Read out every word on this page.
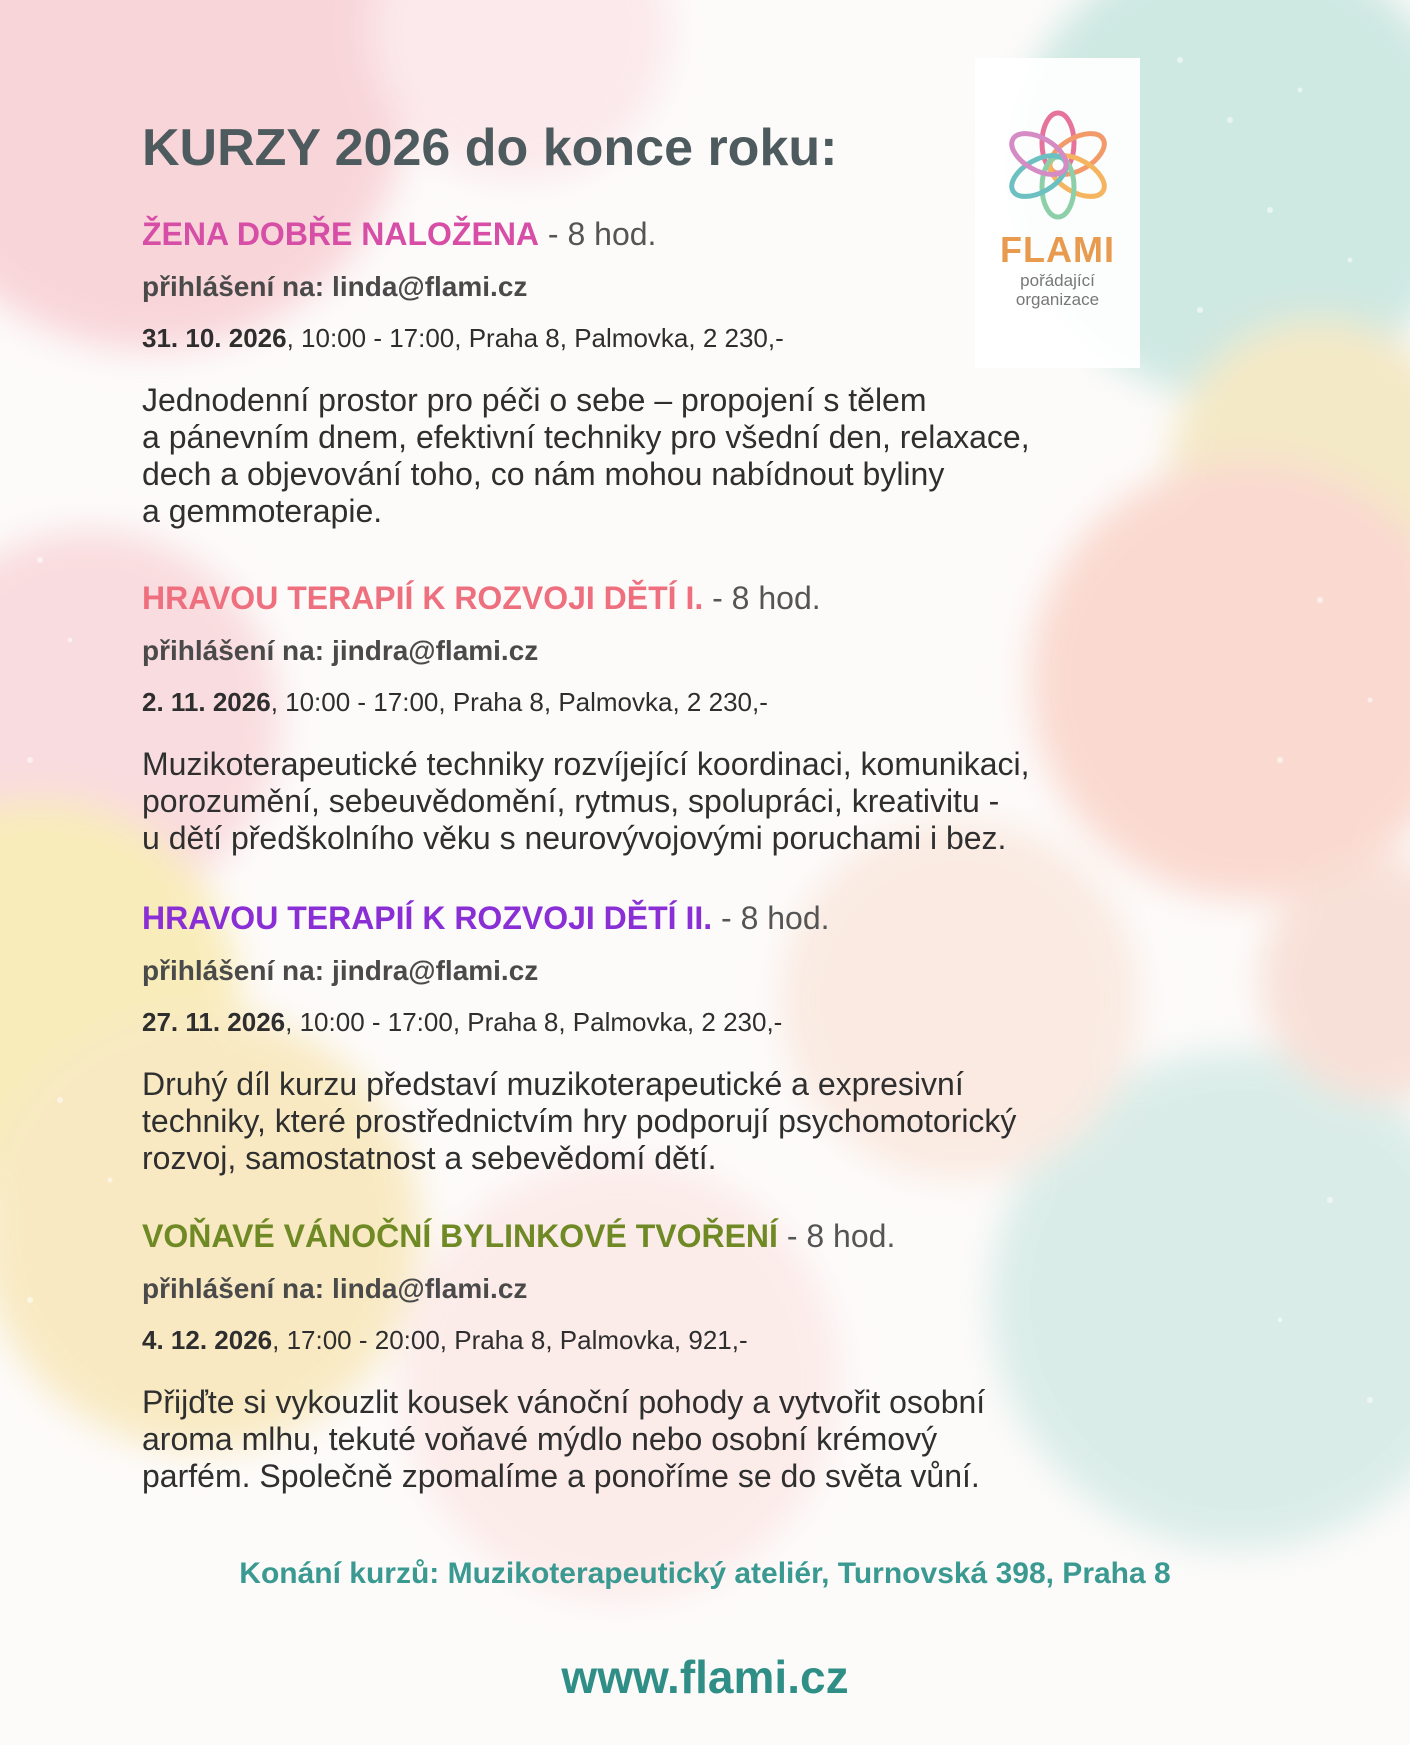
FLAMI
pořádající
organizace
KURZY 2026 do konce roku:
ŽENA DOBŘE NALOŽENA - 8 hod.
přihlášení na: linda@flami.cz
31. 10. 2026, 10:00 - 17:00, Praha 8, Palmovka, 2 230,-
Jednodenní prostor pro péči o sebe – propojení s tělem
a pánevním dnem, efektivní techniky pro všední den, relaxace,
dech a objevování toho, co nám mohou nabídnout byliny
a gemmoterapie.
HRAVOU TERAPIÍ K ROZVOJI DĚTÍ I. - 8 hod.
přihlášení na: jindra@flami.cz
2. 11. 2026, 10:00 - 17:00, Praha 8, Palmovka, 2 230,-
Muzikoterapeutické techniky rozvíjející koordinaci, komunikaci,
porozumění, sebeuvědomění, rytmus, spolupráci, kreativitu -
u dětí předškolního věku s neurovývojovými poruchami i bez.
HRAVOU TERAPIÍ K ROZVOJI DĚTÍ II. - 8 hod.
přihlášení na: jindra@flami.cz
27. 11. 2026, 10:00 - 17:00, Praha 8, Palmovka, 2 230,-
Druhý díl kurzu představí muzikoterapeutické a expresivní
techniky, které prostřednictvím hry podporují psychomotorický
rozvoj, samostatnost a sebevědomí dětí.
VOŇAVÉ VÁNOČNÍ BYLINKOVÉ TVOŘENÍ - 8 hod.
přihlášení na: linda@flami.cz
4. 12. 2026, 17:00 - 20:00, Praha 8, Palmovka, 921,-
Přijďte si vykouzlit kousek vánoční pohody a vytvořit osobní
aroma mlhu, tekuté voňavé mýdlo nebo osobní krémový
parfém. Společně zpomalíme a ponoříme se do světa vůní.
Konání kurzů: Muzikoterapeutický ateliér, Turnovská 398, Praha 8
www.flami.cz
